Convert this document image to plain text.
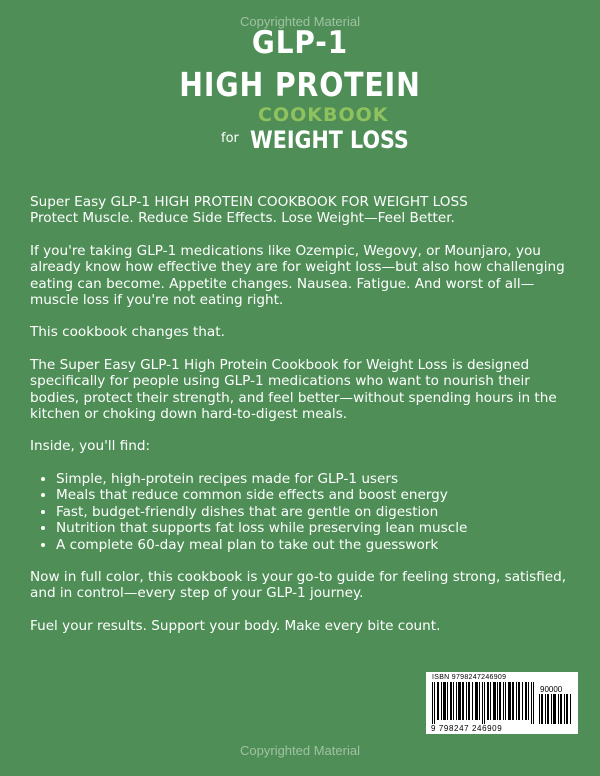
Copyrighted Material
GLP-1
HIGH PROTEIN
COOKBOOK
for WEIGHT LOSS

Super Easy GLP-1 HIGH PROTEIN COOKBOOK FOR WEIGHT LOSS
Protect Muscle. Reduce Side Effects. Lose Weight—Feel Better.

If you're taking GLP-1 medications like Ozempic, Wegovy, or Mounjaro, you already know how effective they are for weight loss—but also how challenging eating can become. Appetite changes. Nausea. Fatigue. And worst of all—muscle loss if you're not eating right.

This cookbook changes that.

The Super Easy GLP-1 High Protein Cookbook for Weight Loss is designed specifically for people using GLP-1 medications who want to nourish their bodies, protect their strength, and feel better—without spending hours in the kitchen or choking down hard-to-digest meals.

Inside, you'll find:

• Simple, high-protein recipes made for GLP-1 users
• Meals that reduce common side effects and boost energy
• Fast, budget-friendly dishes that are gentle on digestion
• Nutrition that supports fat loss while preserving lean muscle
• A complete 60-day meal plan to take out the guesswork

Now in full color, this cookbook is your go-to guide for feeling strong, satisfied, and in control—every step of your GLP-1 journey.

Fuel your results. Support your body. Make every bite count.

ISBN 9798247246909
90000
9 798247 246909
Copyrighted Material
